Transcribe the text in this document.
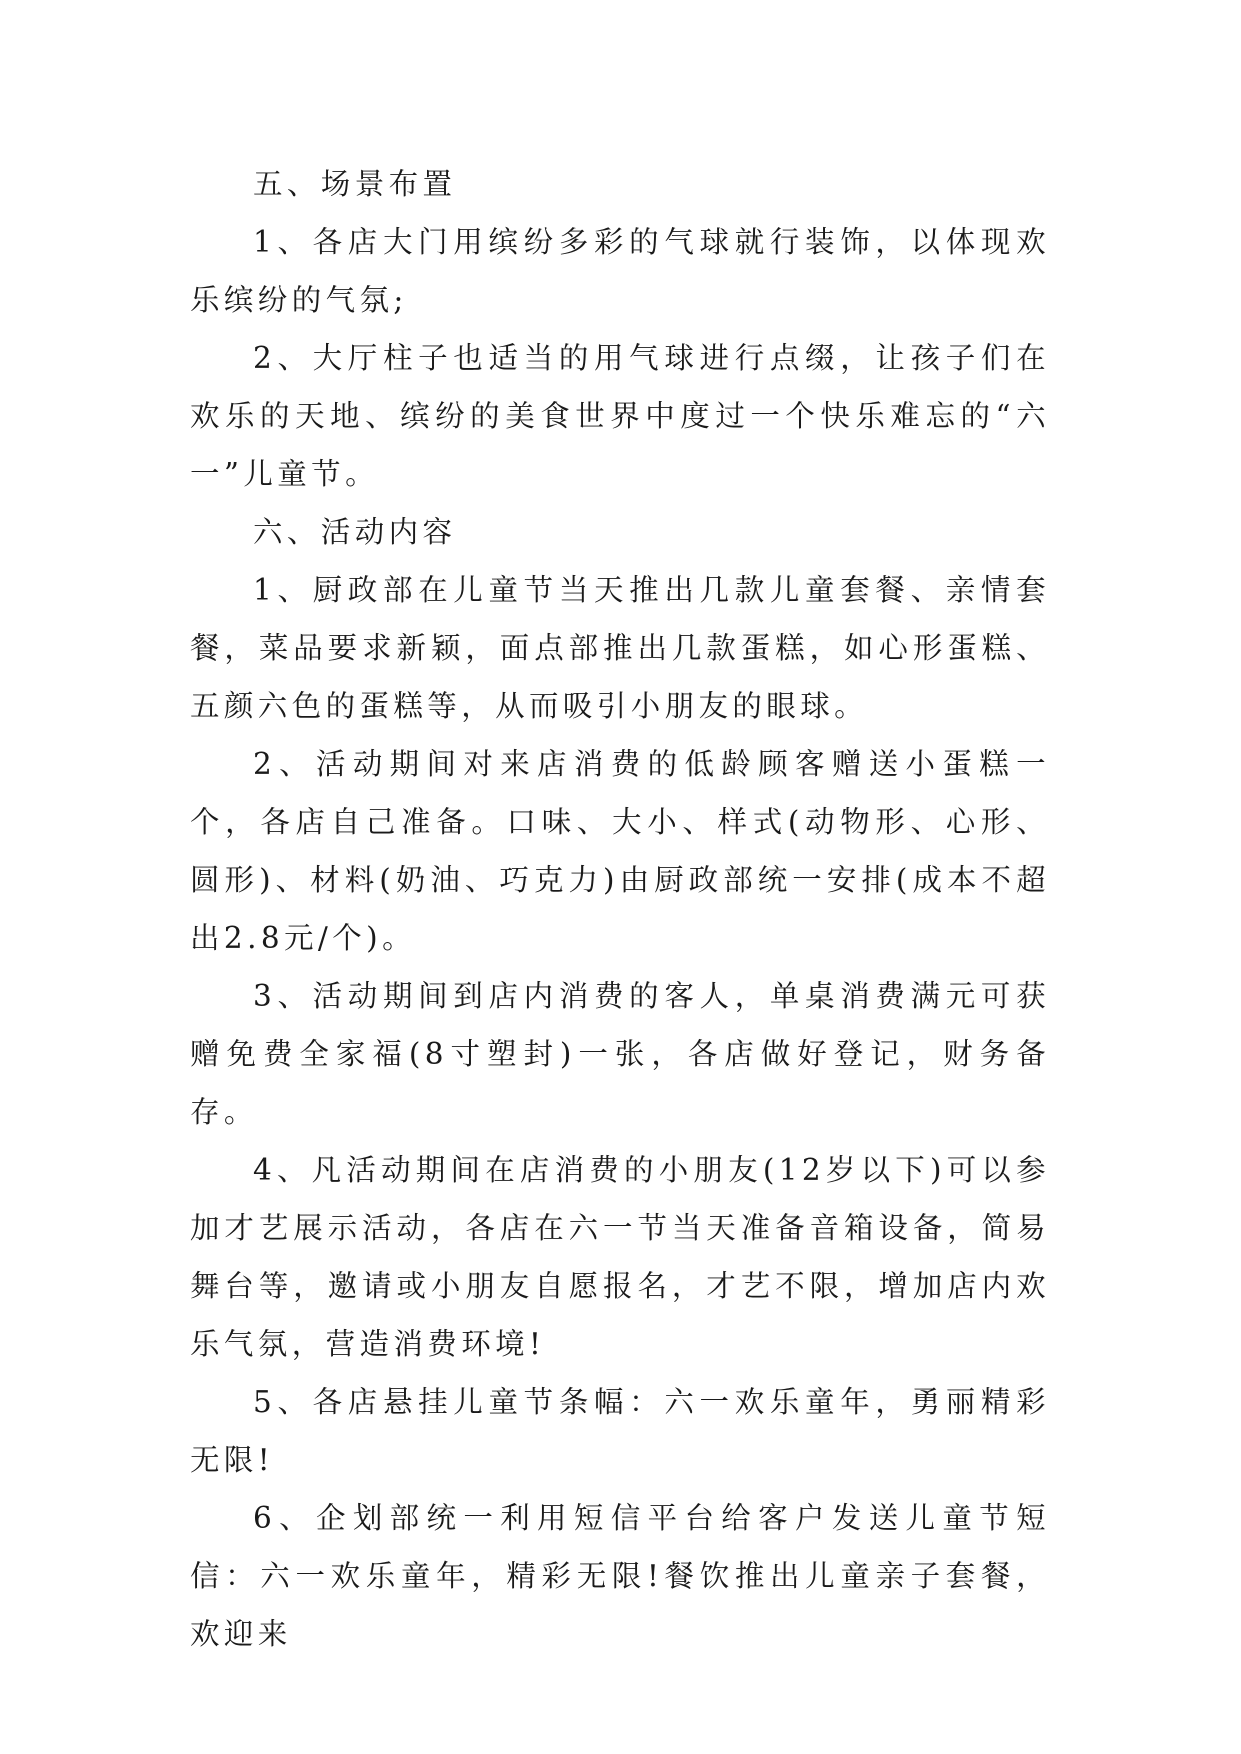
五、场景布置

1、各店大门用缤纷多彩的气球就行装饰，以体现欢乐缤纷的气氛;

2、大厅柱子也适当的用气球进行点缀，让孩子们在欢乐的天地、缤纷的美食世界中度过一个快乐难忘的“六一”儿童节。

六、活动内容

1、厨政部在儿童节当天推出几款儿童套餐、亲情套餐，菜品要求新颖，面点部推出几款蛋糕，如心形蛋糕、五颜六色的蛋糕等，从而吸引小朋友的眼球。

2、活动期间对来店消费的低龄顾客赠送小蛋糕一个，各店自己准备。口味、大小、样式(动物形、心形、圆形)、材料(奶油、巧克力)由厨政部统一安排(成本不超出2.8元/个)。

3、活动期间到店内消费的客人，单桌消费满元可获赠免费全家福(8寸塑封)一张，各店做好登记，财务备存。

4、凡活动期间在店消费的小朋友(12岁以下)可以参加才艺展示活动，各店在六一节当天准备音箱设备，简易舞台等，邀请或小朋友自愿报名，才艺不限，增加店内欢乐气氛，营造消费环境!

5、各店悬挂儿童节条幅：六一欢乐童年，勇丽精彩无限!

6、企划部统一利用短信平台给客户发送儿童节短信：六一欢乐童年，精彩无限!餐饮推出儿童亲子套餐，欢迎来
